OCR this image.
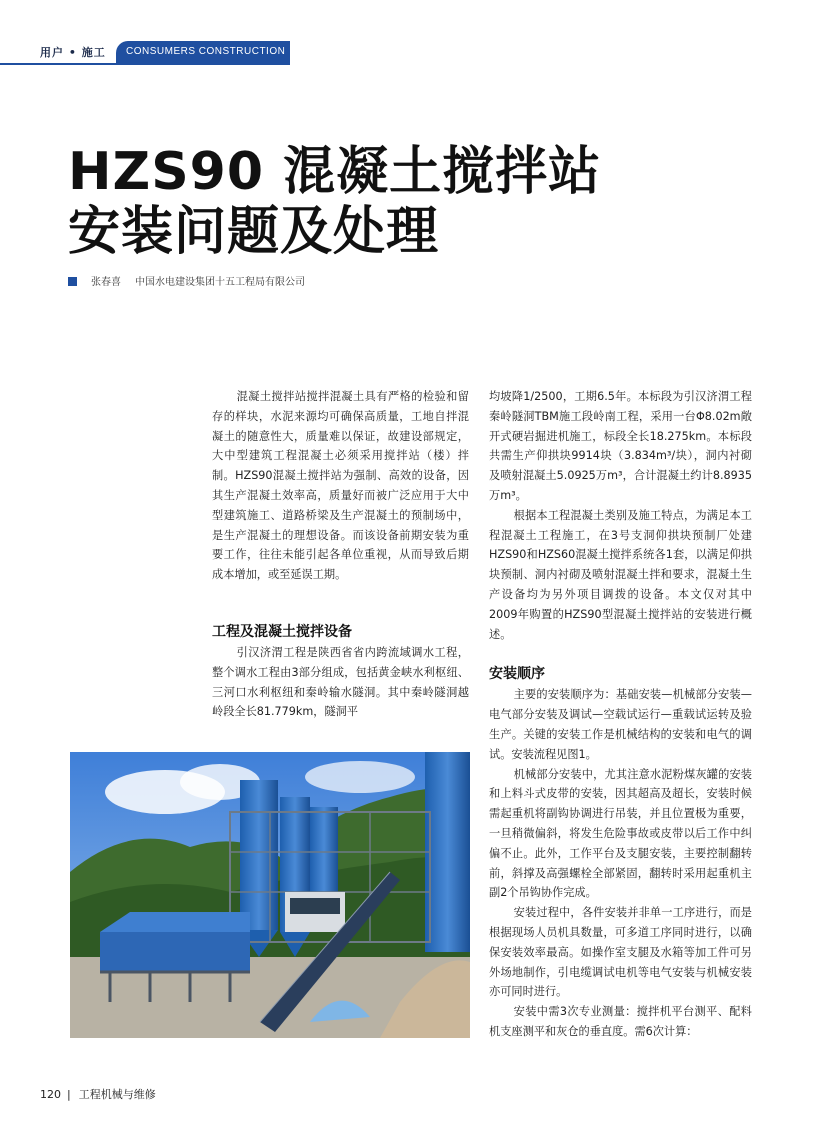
用户 • 施工 CONSUMERS CONSTRUCTION
HZS90 混凝土搅拌站
安装问题及处理
张春喜 中国水电建设集团十五工程局有限公司

混凝土搅拌站搅拌混凝土具有严格的检验和留存的样块，水泥来源均可确保高质量，工地自拌混凝土的随意性大，质量难以保证，故建设部规定，大中型建筑工程混凝土必须采用搅拌站（楼）拌制。HZS90混凝土搅拌站为强制、高效的设备，因其生产混凝土效率高，质量好而被广泛应用于大中型建筑施工、道路桥梁及生产混凝土的预制场中，是生产混凝土的理想设备。而该设备前期安装为重要工作，往往未能引起各单位重视，从而导致后期成本增加，或至延误工期。

工程及混凝土搅拌设备

引汉济渭工程是陕西省省内跨流域调水工程，整个调水工程由3部分组成，包括黄金峡水利枢纽、三河口水利枢纽和秦岭输水隧洞。其中秦岭隧洞越岭段全长81.779km，隧洞平

均坡降1/2500，工期6.5年。本标段为引汉济渭工程秦岭隧洞TBM施工段岭南工程，采用一台Φ8.02m敞开式硬岩掘进机施工，标段全长18.275km。本标段共需生产仰拱块9914块（3.834m³/块），洞内衬砌及喷射混凝土5.0925万m³，合计混凝土约计8.8935万m³。

根据本工程混凝土类别及施工特点，为满足本工程混凝土工程施工，在3号支洞仰拱块预制厂处建HZS90和HZS60混凝土搅拌系统各1套，以满足仰拱块预制、洞内衬砌及喷射混凝土拌和要求，混凝土生产设备均为另外项目调拨的设备。本文仅对其中2009年购置的HZS90型混凝土搅拌站的安装进行概述。

安装顺序

主要的安装顺序为：基础安装—机械部分安装—电气部分安装及调试—空载试运行—重载试运转及验生产。关键的安装工作是机械结构的安装和电气的调试。安装流程见图1。

机械部分安装中，尤其注意水泥粉煤灰罐的安装和上料斗式皮带的安装，因其超高及超长，安装时候需起重机将副钩协调进行吊装，并且位置极为重要，一旦稍微偏斜，将发生危险事故或皮带以后工作中纠偏不止。此外，工作平台及支腿安装，主要控制翻转前，斜撑及高强螺栓全部紧固，翻转时采用起重机主副2个吊钩协作完成。

安装过程中，各件安装并非单一工序进行，而是根据现场人员机具数量，可多道工序同时进行，以确保安装效率最高。如操作室支腿及水箱等加工件可另外场地制作，引电缆调试电机等电气安装与机械安装亦可同时进行。

安装中需3次专业测量：搅拌机平台测平、配料机支座测平和灰仓的垂直度。需6次计算：

120 | 工程机械与维修
